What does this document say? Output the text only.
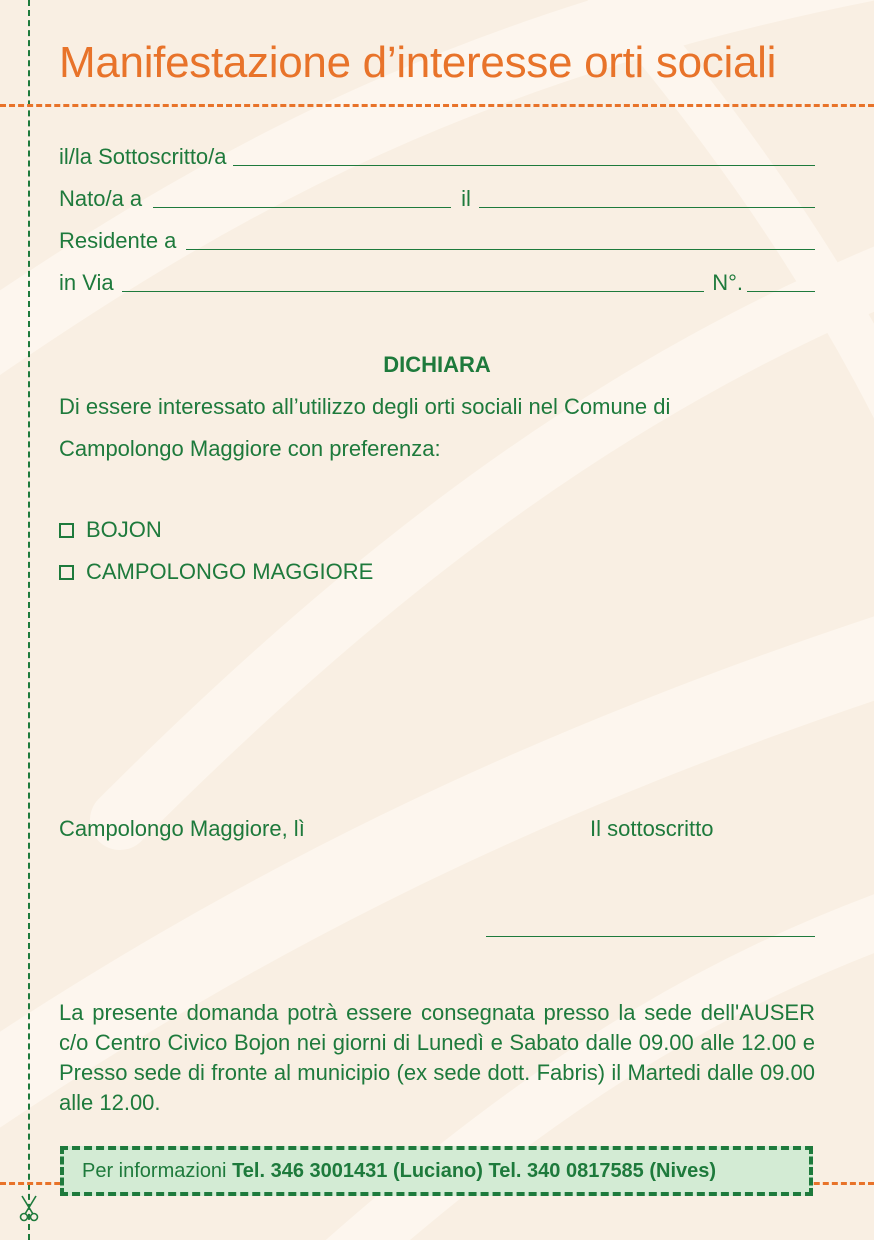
Manifestazione d’interesse orti sociali
il/la Sottoscritto/a
Nato/a a	il
Residente a
in Via	N°.
DICHIARA
Di essere interessato all’utilizzo degli orti sociali nel Comune di
Campolongo Maggiore con preferenza:
BOJON
CAMPOLONGO MAGGIORE
Campolongo Maggiore, lì	Il sottoscritto

La presente domanda potrà essere consegnata presso la sede dell'AUSER c/o Centro Civico Bojon nei giorni di Lunedì e Sabato dalle 09.00 alle 12.00 e Presso sede di fronte al municipio (ex sede dott. Fabris) il Martedi dalle 09.00 alle 12.00.

Per informazioni
Tel. 346 3001431 (Luciano) Tel. 340 0817585 (Nives)
